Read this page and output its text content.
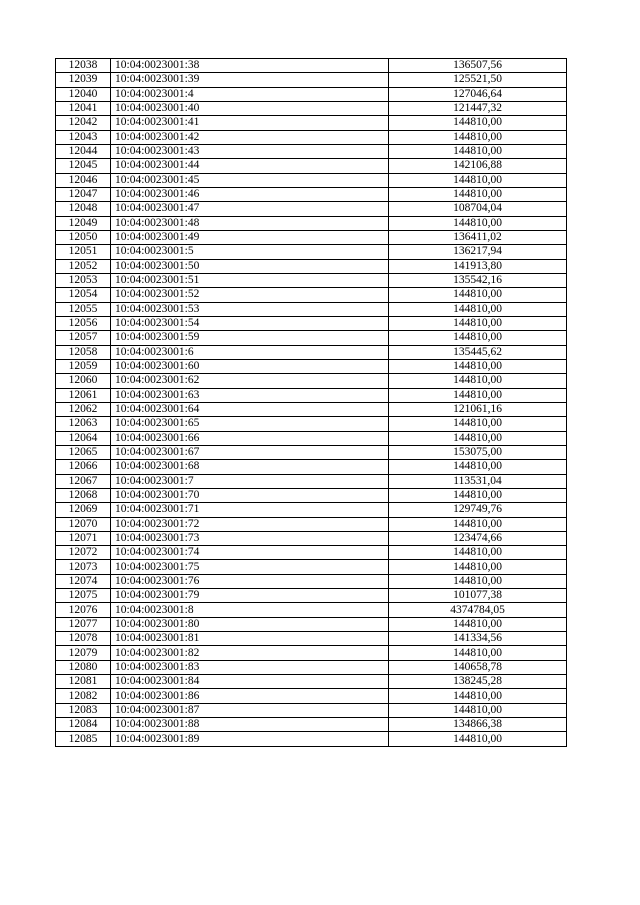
12038	10:04:0023001:38	136507,56
12039	10:04:0023001:39	125521,50
12040	10:04:0023001:4	127046,64
12041	10:04:0023001:40	121447,32
12042	10:04:0023001:41	144810,00
12043	10:04:0023001:42	144810,00
12044	10:04:0023001:43	144810,00
12045	10:04:0023001:44	142106,88
12046	10:04:0023001:45	144810,00
12047	10:04:0023001:46	144810,00
12048	10:04:0023001:47	108704,04
12049	10:04:0023001:48	144810,00
12050	10:04:0023001:49	136411,02
12051	10:04:0023001:5	136217,94
12052	10:04:0023001:50	141913,80
12053	10:04:0023001:51	135542,16
12054	10:04:0023001:52	144810,00
12055	10:04:0023001:53	144810,00
12056	10:04:0023001:54	144810,00
12057	10:04:0023001:59	144810,00
12058	10:04:0023001:6	135445,62
12059	10:04:0023001:60	144810,00
12060	10:04:0023001:62	144810,00
12061	10:04:0023001:63	144810,00
12062	10:04:0023001:64	121061,16
12063	10:04:0023001:65	144810,00
12064	10:04:0023001:66	144810,00
12065	10:04:0023001:67	153075,00
12066	10:04:0023001:68	144810,00
12067	10:04:0023001:7	113531,04
12068	10:04:0023001:70	144810,00
12069	10:04:0023001:71	129749,76
12070	10:04:0023001:72	144810,00
12071	10:04:0023001:73	123474,66
12072	10:04:0023001:74	144810,00
12073	10:04:0023001:75	144810,00
12074	10:04:0023001:76	144810,00
12075	10:04:0023001:79	101077,38
12076	10:04:0023001:8	4374784,05
12077	10:04:0023001:80	144810,00
12078	10:04:0023001:81	141334,56
12079	10:04:0023001:82	144810,00
12080	10:04:0023001:83	140658,78
12081	10:04:0023001:84	138245,28
12082	10:04:0023001:86	144810,00
12083	10:04:0023001:87	144810,00
12084	10:04:0023001:88	134866,38
12085	10:04:0023001:89	144810,00
